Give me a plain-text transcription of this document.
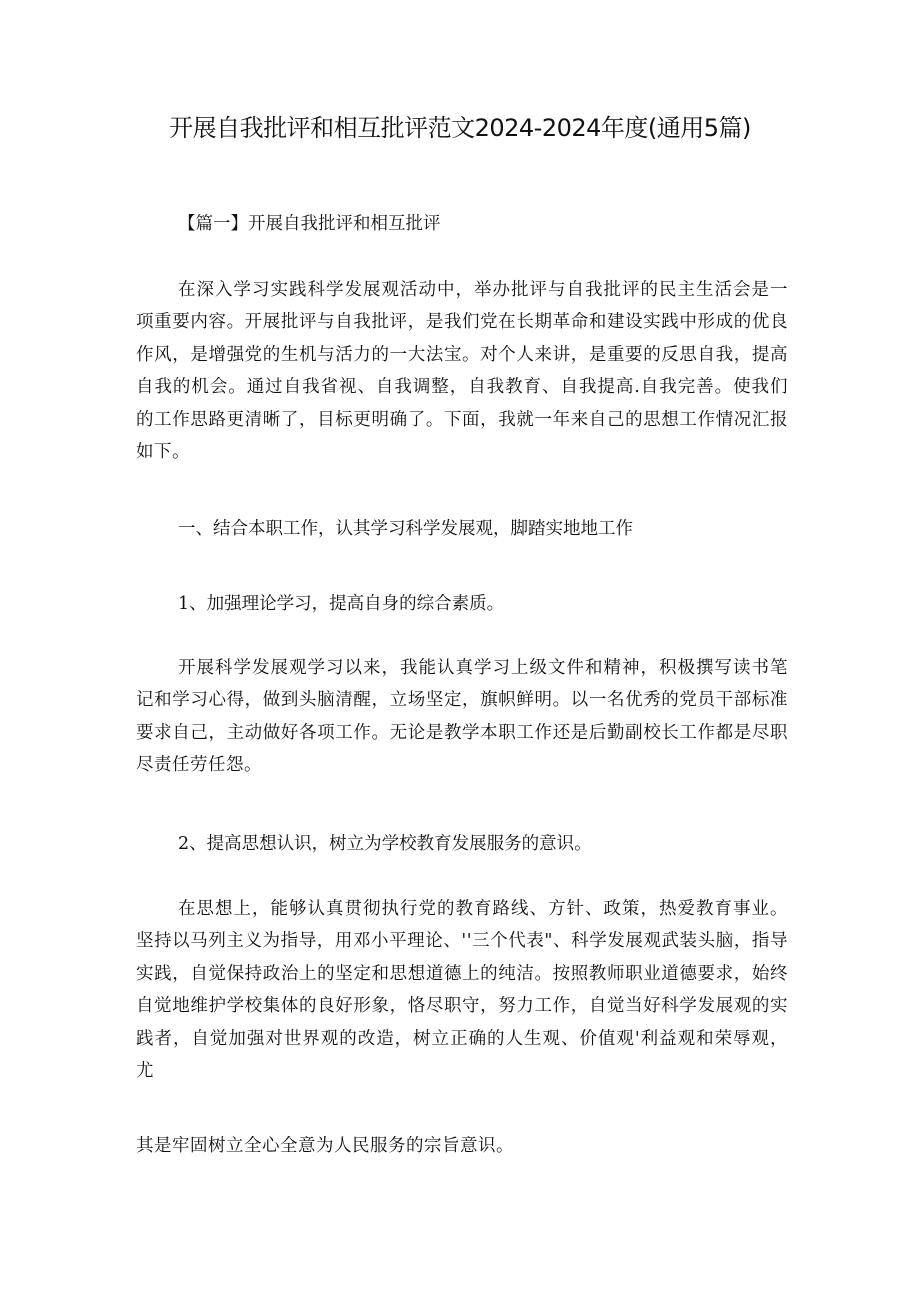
开展自我批评和相互批评范文2024-2024年度(通用5篇)
【篇一】开展自我批评和相互批评
在深入学习实践科学发展观活动中，举办批评与自我批评的民主生活会是一项重要内容。开展批评与自我批评，是我们党在长期革命和建设实践中形成的优良作风，是增强党的生机与活力的一大法宝。对个人来讲，是重要的反思自我，提高自我的机会。通过自我省视、自我调整，自我教育、自我提高.自我完善。使我们的工作思路更清晰了，目标更明确了。下面，我就一年来自己的思想工作情况汇报如下。
一、结合本职工作，认其学习科学发展观，脚踏实地地工作
1、加强理论学习，提高自身的综合素质。
开展科学发展观学习以来，我能认真学习上级文件和精神，积极撰写读书笔记和学习心得，做到头脑清醒，立场坚定，旗帜鲜明。以一名优秀的党员干部标准要求自己，主动做好各项工作。无论是教学本职工作还是后勤副校长工作都是尽职尽责任劳任怨。
2、提高思想认识，树立为学校教育发展服务的意识。
在思想上，能够认真贯彻执行党的教育路线、方针、政策，热爱教育事业。坚持以马列主义为指导，用邓小平理论、''三个代表"、科学发展观武装头脑，指导实践，自觉保持政治上的坚定和思想道德上的纯洁。按照教师职业道德要求，始终自觉地维护学校集体的良好形象，恪尽职守，努力工作，自觉当好科学发展观的实践者，自觉加强对世界观的改造，树立正确的人生观、价值观'利益观和荣辱观，尤
其是牢固树立全心全意为人民服务的宗旨意识。
